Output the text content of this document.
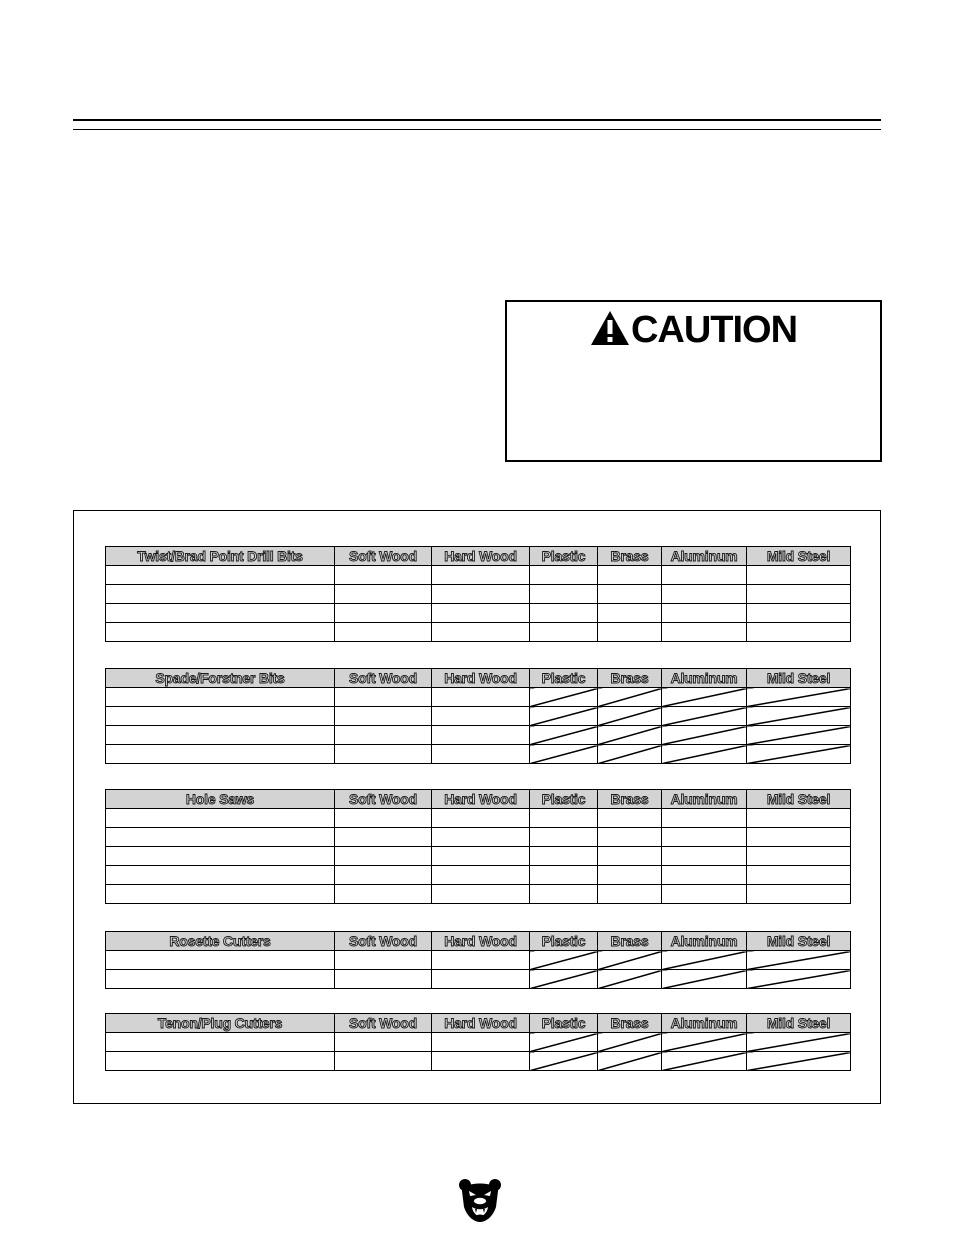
CAUTION
Twist/Brad Point Drill Bits	Soft Wood	Hard Wood	Plastic	Brass	Aluminum	Mild Steel

Spade/Forstner Bits	Soft Wood	Hard Wood	Plastic	Brass	Aluminum	Mild Steel

Hole Saws	Soft Wood	Hard Wood	Plastic	Brass	Aluminum	Mild Steel

Rosette Cutters	Soft Wood	Hard Wood	Plastic	Brass	Aluminum	Mild Steel

Tenon/Plug Cutters	Soft Wood	Hard Wood	Plastic	Brass	Aluminum	Mild Steel
